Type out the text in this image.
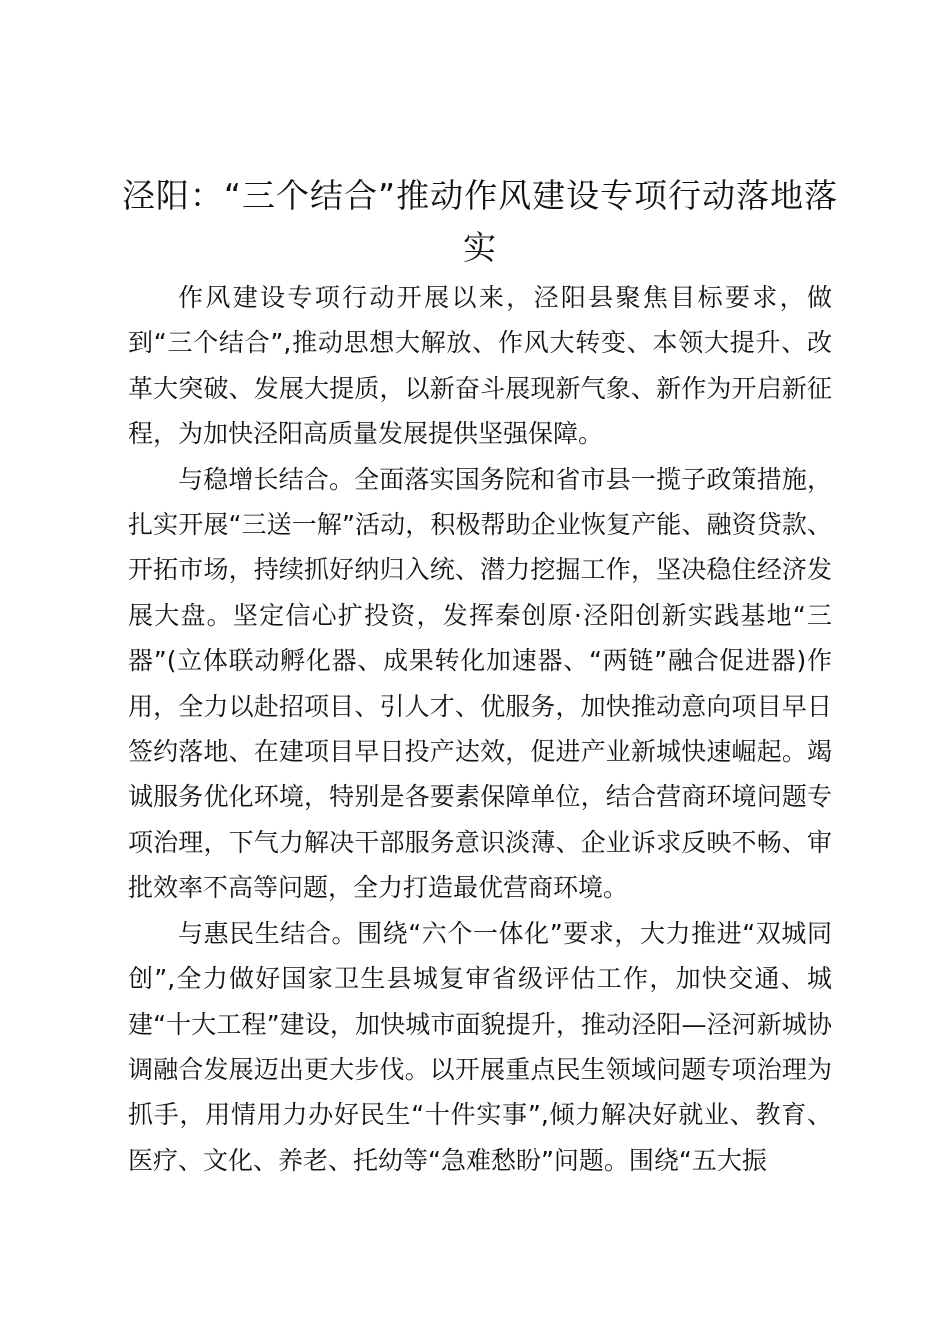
泾阳：“三个结合”推动作风建设专项行动落地落实

作风建设专项行动开展以来，泾阳县聚焦目标要求，做到“三个结合”,推动思想大解放、作风大转变、本领大提升、改革大突破、发展大提质，以新奋斗展现新气象、新作为开启新征程，为加快泾阳高质量发展提供坚强保障。

与稳增长结合。全面落实国务院和省市县一揽子政策措施，扎实开展“三送一解”活动，积极帮助企业恢复产能、融资贷款、开拓市场，持续抓好纳归入统、潜力挖掘工作，坚决稳住经济发展大盘。坚定信心扩投资，发挥秦创原·泾阳创新实践基地“三器”(立体联动孵化器、成果转化加速器、“两链”融合促进器)作用，全力以赴招项目、引人才、优服务，加快推动意向项目早日签约落地、在建项目早日投产达效，促进产业新城快速崛起。竭诚服务优化环境，特别是各要素保障单位，结合营商环境问题专项治理，下气力解决干部服务意识淡薄、企业诉求反映不畅、审批效率不高等问题，全力打造最优营商环境。

与惠民生结合。围绕“六个一体化”要求，大力推进“双城同创”,全力做好国家卫生县城复审省级评估工作，加快交通、城建“十大工程”建设，加快城市面貌提升，推动泾阳—泾河新城协调融合发展迈出更大步伐。以开展重点民生领域问题专项治理为抓手，用情用力办好民生“十件实事”,倾力解决好就业、教育、医疗、文化、养老、托幼等“急难愁盼”问题。围绕“五大振
